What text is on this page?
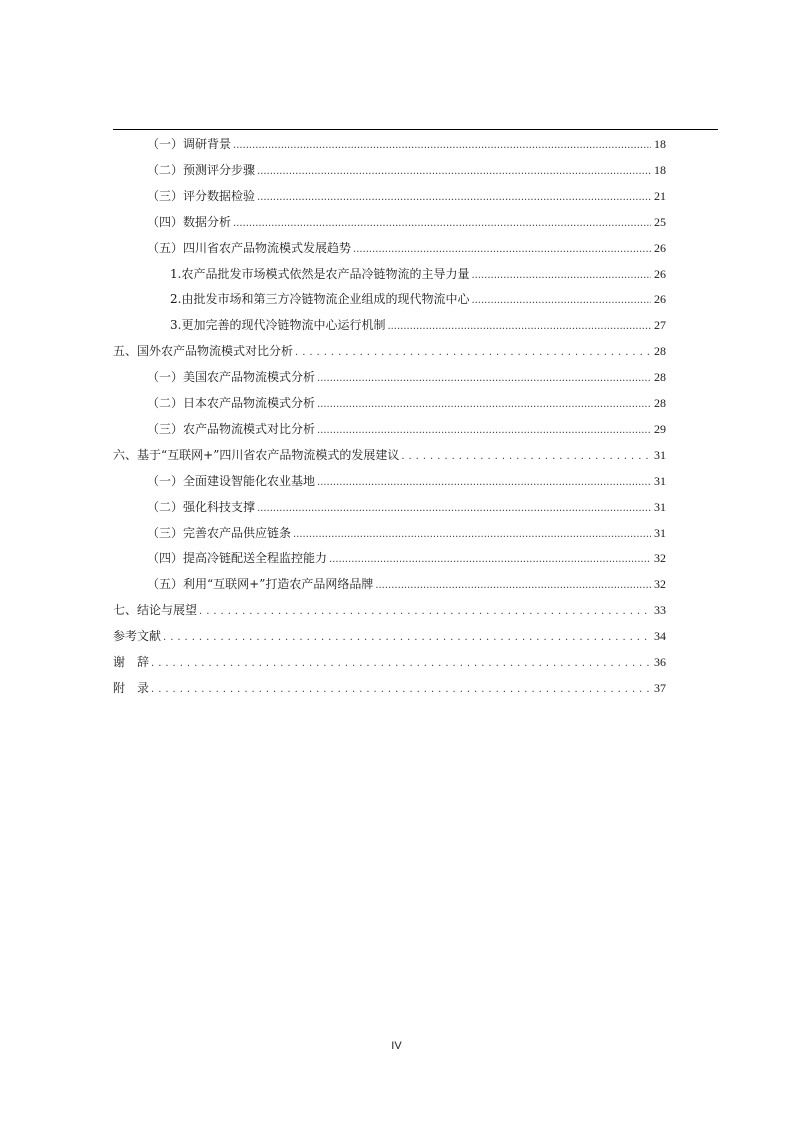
（一）调研背景 .....	18
（二）预测评分步骤 .....	18
（三）评分数据检验 .....	21
（四）数据分析 .....	25
（五）四川省农产品物流模式发展趋势 .....	26
1.农产品批发市场模式依然是农产品冷链物流的主导力量 .....	26
2.由批发市场和第三方冷链物流企业组成的现代物流中心 .....	26
3.更加完善的现代冷链物流中心运行机制 .....	27
五、国外农产品物流模式对比分析 .....	28
（一）美国农产品物流模式分析 .....	28
（二）日本农产品物流模式分析 .....	28
（三）农产品物流模式对比分析 .....	29
六、基于“互联网+”四川省农产品物流模式的发展建议 .....	31
（一）全面建设智能化农业基地 .....	31
（二）强化科技支撑 .....	31
（三）完善农产品供应链条 .....	31
（四）提高冷链配送全程监控能力 .....	32
（五）利用“互联网+”打造农产品网络品牌 .....	32
七、结论与展望 .....	33
参考文献 .....	34
谢　辞 .....	36
附　录 .....	37
IV
